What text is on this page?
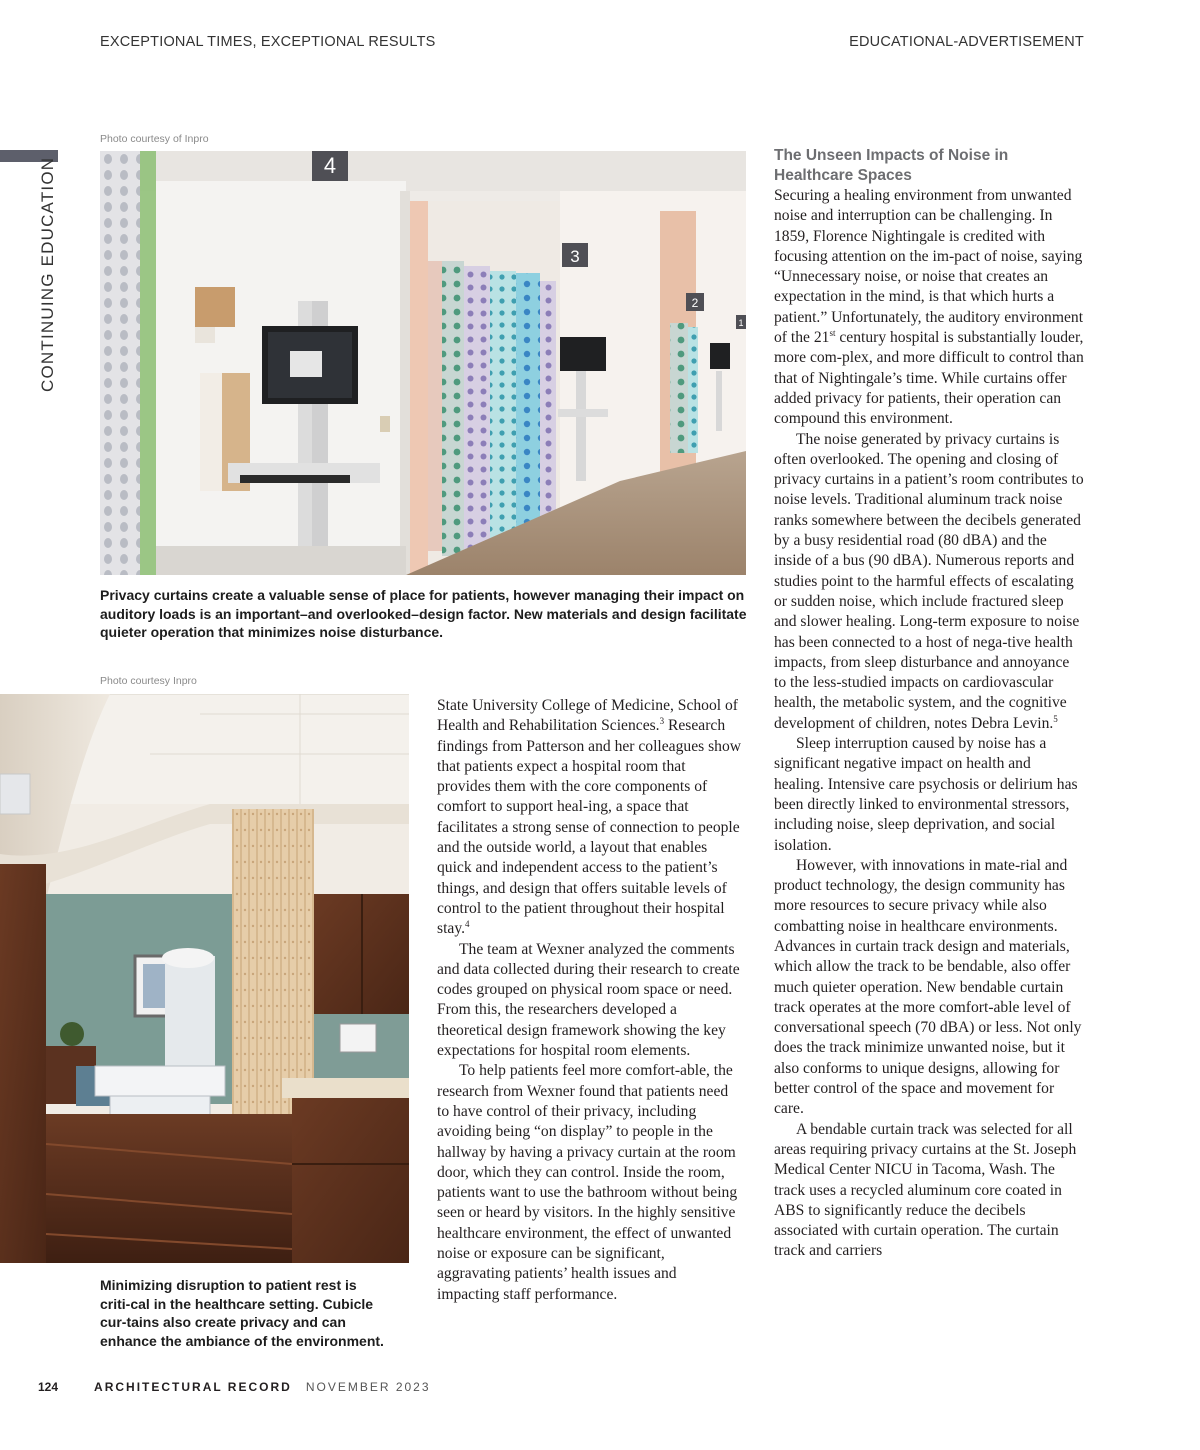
EXCEPTIONAL TIMES, EXCEPTIONAL RESULTS	EDUCATIONAL-ADVERTISEMENT
CONTINUING EDUCATION
Photo courtesy of Inpro
4
3
2
1
Privacy curtains create a valuable sense of place for patients, however managing their impact on auditory loads is an important–and overlooked–design factor. New materials and design facilitate quieter operation that minimizes noise disturbance.
Photo courtesy Inpro
Minimizing disruption to patient rest is criti-cal in the healthcare setting. Cubicle cur-tains also create privacy and can enhance the ambiance of the environment.

State University College of Medicine, School of Health and Rehabilitation Sciences.$^3$ Research findings from Patterson and her colleagues show that patients expect a hospital room that provides them with the core components of comfort to support heal-ing, a space that facilitates a strong sense of connection to people and the outside world, a layout that enables quick and independent access to the patient’s things, and design that offers suitable levels of control to the patient throughout their hospital stay.$^4$

The team at Wexner analyzed the comments and data collected during their research to create codes grouped on physical room space or need. From this, the researchers developed a theoretical design framework showing the key expectations for hospital room elements.

To help patients feel more comfort-able, the research from Wexner found that patients need to have control of their privacy, including avoiding being “on display” to people in the hallway by having a privacy curtain at the room door, which they can control. Inside the room, patients want to use the bathroom without being seen or heard by visitors. In the highly sensitive healthcare environment, the effect of unwanted noise or exposure can be significant, aggravating patients’ health issues and impacting staff performance.

The Unseen Impacts of Noise in Healthcare Spaces

Securing a healing environment from unwanted noise and interruption can be challenging. In 1859, Florence Nightingale is credited with focusing attention on the im-pact of noise, saying “Unnecessary noise, or noise that creates an expectation in the mind, is that which hurts a patient.” Unfortunately, the auditory environment of the 21st century hospital is substantially louder, more com-plex, and more difficult to control than that of Nightingale’s time. While curtains offer added privacy for patients, their operation can compound this environment.

The noise generated by privacy curtains is often overlooked. The opening and closing of privacy curtains in a patient’s room contributes to noise levels. Traditional aluminum track noise ranks somewhere between the decibels generated by a busy residential road (80 dBA) and the inside of a bus (90 dBA). Numerous reports and studies point to the harmful effects of escalating or sudden noise, which include fractured sleep and slower healing. Long-term exposure to noise has been connected to a host of nega-tive health impacts, from sleep disturbance and annoyance to the less-studied impacts on cardiovascular health, the metabolic system, and the cognitive development of children, notes Debra Levin.$^5$

Sleep interruption caused by noise has a significant negative impact on health and healing. Intensive care psychosis or delirium has been directly linked to environmental stressors, including noise, sleep deprivation, and social isolation.

However, with innovations in mate-rial and product technology, the design community has more resources to secure privacy while also combatting noise in healthcare environments. Advances in curtain track design and materials, which allow the track to be bendable, also offer much quieter operation. New bendable curtain track operates at the more comfort-able level of conversational speech (70 dBA) or less. Not only does the track minimize unwanted noise, but it also conforms to unique designs, allowing for better control of the space and movement for care.

A bendable curtain track was selected for all areas requiring privacy curtains at the St. Joseph Medical Center NICU in Tacoma, Wash. The track uses a recycled aluminum core coated in ABS to significantly reduce the decibels associated with curtain operation. The curtain track and carriers

124	ARCHITECTURAL RECORD NOVEMBER 2023
